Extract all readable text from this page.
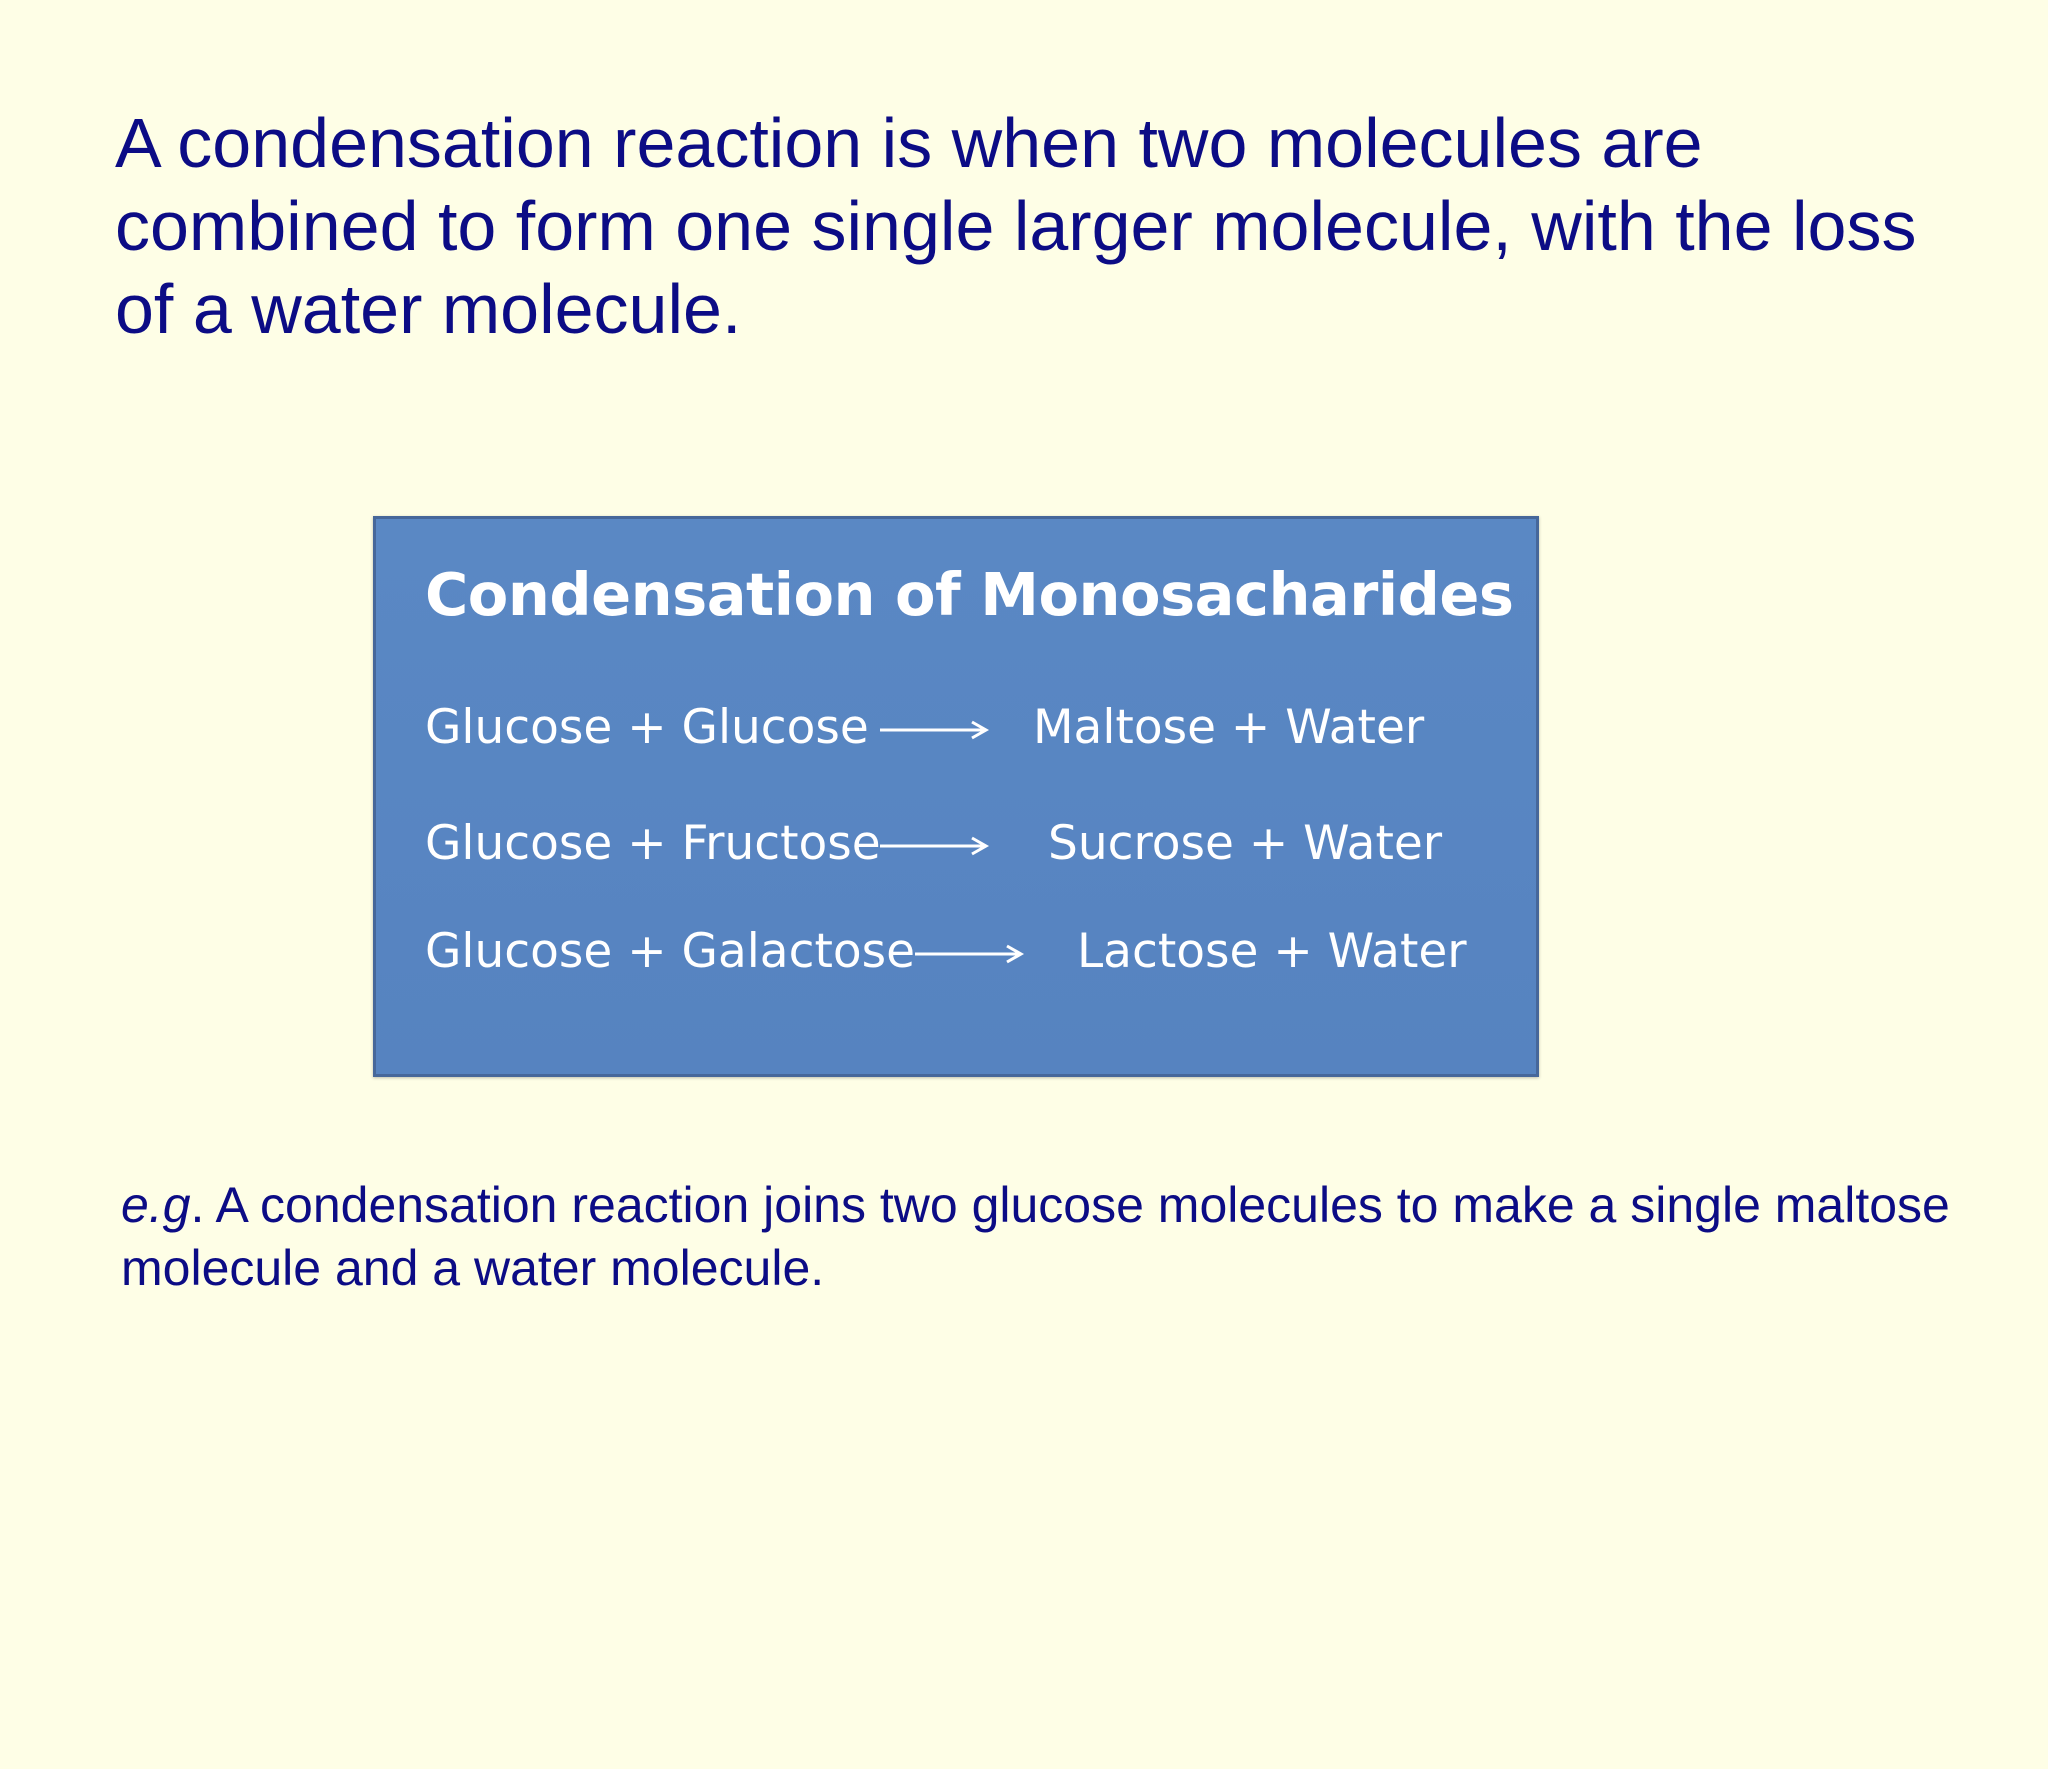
A condensation reaction is when two molecules are combined to form one single larger molecule, with the loss of a water molecule.

Condensation of Monosacharides
Glucose + Glucose	Maltose + Water
Glucose + Fructose	Sucrose + Water
Glucose + Galactose	Lactose + Water

e.g. A condensation reaction joins two glucose molecules to make a single maltose molecule and a water molecule.
